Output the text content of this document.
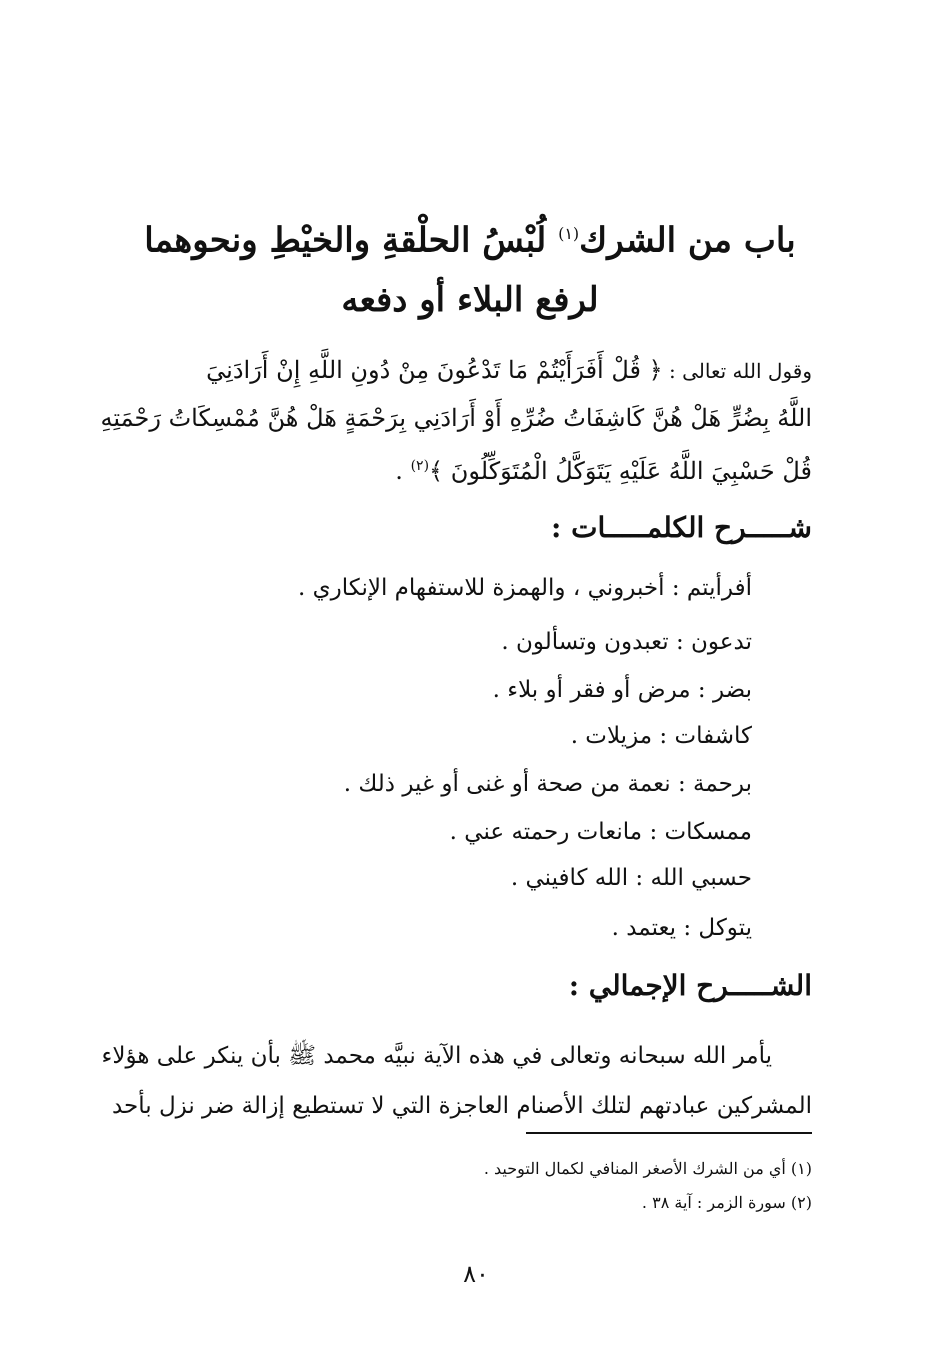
باب من الشرك$^{(١)}$ لُبْسُ الحلْقةِ والخيْطِ ونحوهما
لرفع البلاء أو دفعه
وقول الله تعالى : ﴿ قُلْ أَفَرَأَيْتُمْ مَا تَدْعُونَ مِنْ دُونِ اللَّهِ إِنْ أَرَادَنِيَ
اللَّهُ بِضُرٍّ هَلْ هُنَّ كَاشِفَاتُ ضُرِّهِ أَوْ أَرَادَنِي بِرَحْمَةٍ هَلْ هُنَّ مُمْسِكَاتُ رَحْمَتِهِ
قُلْ حَسْبِيَ اللَّهُ عَلَيْهِ يَتَوَكَّلُ الْمُتَوَكِّلُونَ ﴾$^{(٢)}$ .
شـــــرح الكلمـــــات :
أفرأيتم : أخبروني ، والهمزة للاستفهام الإنكاري .
تدعون : تعبدون وتسألون .
بضر : مرض أو فقر أو بلاء .
كاشفات : مزيلات .
برحمة : نعمة من صحة أو غنى أو غير ذلك .
ممسكات : مانعات رحمته عني .
حسبي الله : الله كافيني .
يتوكل : يعتمد .
الشـــــرح الإجمالي :
يأمر الله سبحانه وتعالى في هذه الآية نبيَّه محمد ﷺ بأن ينكر على هؤلاء
المشركين عبادتهم لتلك الأصنام العاجزة التي لا تستطيع إزالة ضر نزل بأحد
(١) أي من الشرك الأصغر المنافي لكمال التوحيد .
(٢) سورة الزمر : آية ٣٨ .
٨٠
